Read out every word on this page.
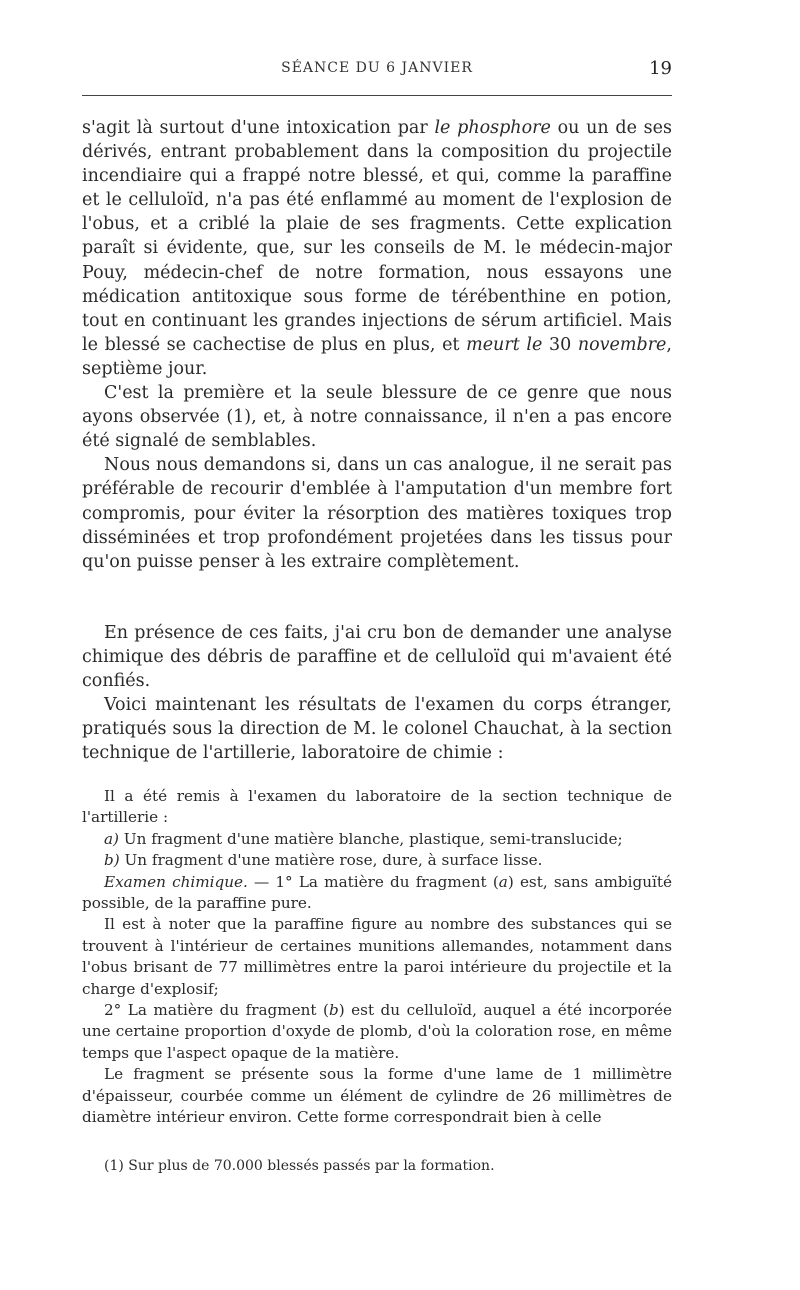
SÉANCE DU 6 JANVIER	19

s'agit là surtout d'une intoxication par le phosphore ou un de ses dérivés, entrant probablement dans la composition du projectile incendiaire qui a frappé notre blessé, et qui, comme la paraffine et le celluloïd, n'a pas été enflammé au moment de l'explosion de l'obus, et a criblé la plaie de ses fragments. Cette explication paraît si évidente, que, sur les conseils de M. le médecin-major Pouy, médecin-chef de notre formation, nous essayons une médication antitoxique sous forme de térébenthine en potion, tout en continuant les grandes injections de sérum artificiel. Mais le blessé se cachectise de plus en plus, et meurt le 30 novembre, septième jour.

C'est la première et la seule blessure de ce genre que nous ayons observée (1), et, à notre connaissance, il n'en a pas encore été signalé de semblables.

Nous nous demandons si, dans un cas analogue, il ne serait pas préférable de recourir d'emblée à l'amputation d'un membre fort compromis, pour éviter la résorption des matières toxiques trop disséminées et trop profondément projetées dans les tissus pour qu'on puisse penser à les extraire complètement.

En présence de ces faits, j'ai cru bon de demander une analyse chimique des débris de paraffine et de celluloïd qui m'avaient été confiés.

Voici maintenant les résultats de l'examen du corps étranger, pratiqués sous la direction de M. le colonel Chauchat, à la section technique de l'artillerie, laboratoire de chimie :

Il a été remis à l'examen du laboratoire de la section technique de l'artillerie :

a) Un fragment d'une matière blanche, plastique, semi-translucide;

b) Un fragment d'une matière rose, dure, à surface lisse.

Examen chimique. — 1° La matière du fragment (a) est, sans ambiguïté possible, de la paraffine pure.

Il est à noter que la paraffine figure au nombre des substances qui se trouvent à l'intérieur de certaines munitions allemandes, notamment dans l'obus brisant de 77 millimètres entre la paroi intérieure du projectile et la charge d'explosif;

2° La matière du fragment (b) est du celluloïd, auquel a été incorporée une certaine proportion d'oxyde de plomb, d'où la coloration rose, en même temps que l'aspect opaque de la matière.

Le fragment se présente sous la forme d'une lame de 1 millimètre d'épaisseur, courbée comme un élément de cylindre de 26 millimètres de diamètre intérieur environ. Cette forme correspondrait bien à celle

(1) Sur plus de 70.000 blessés passés par la formation.
